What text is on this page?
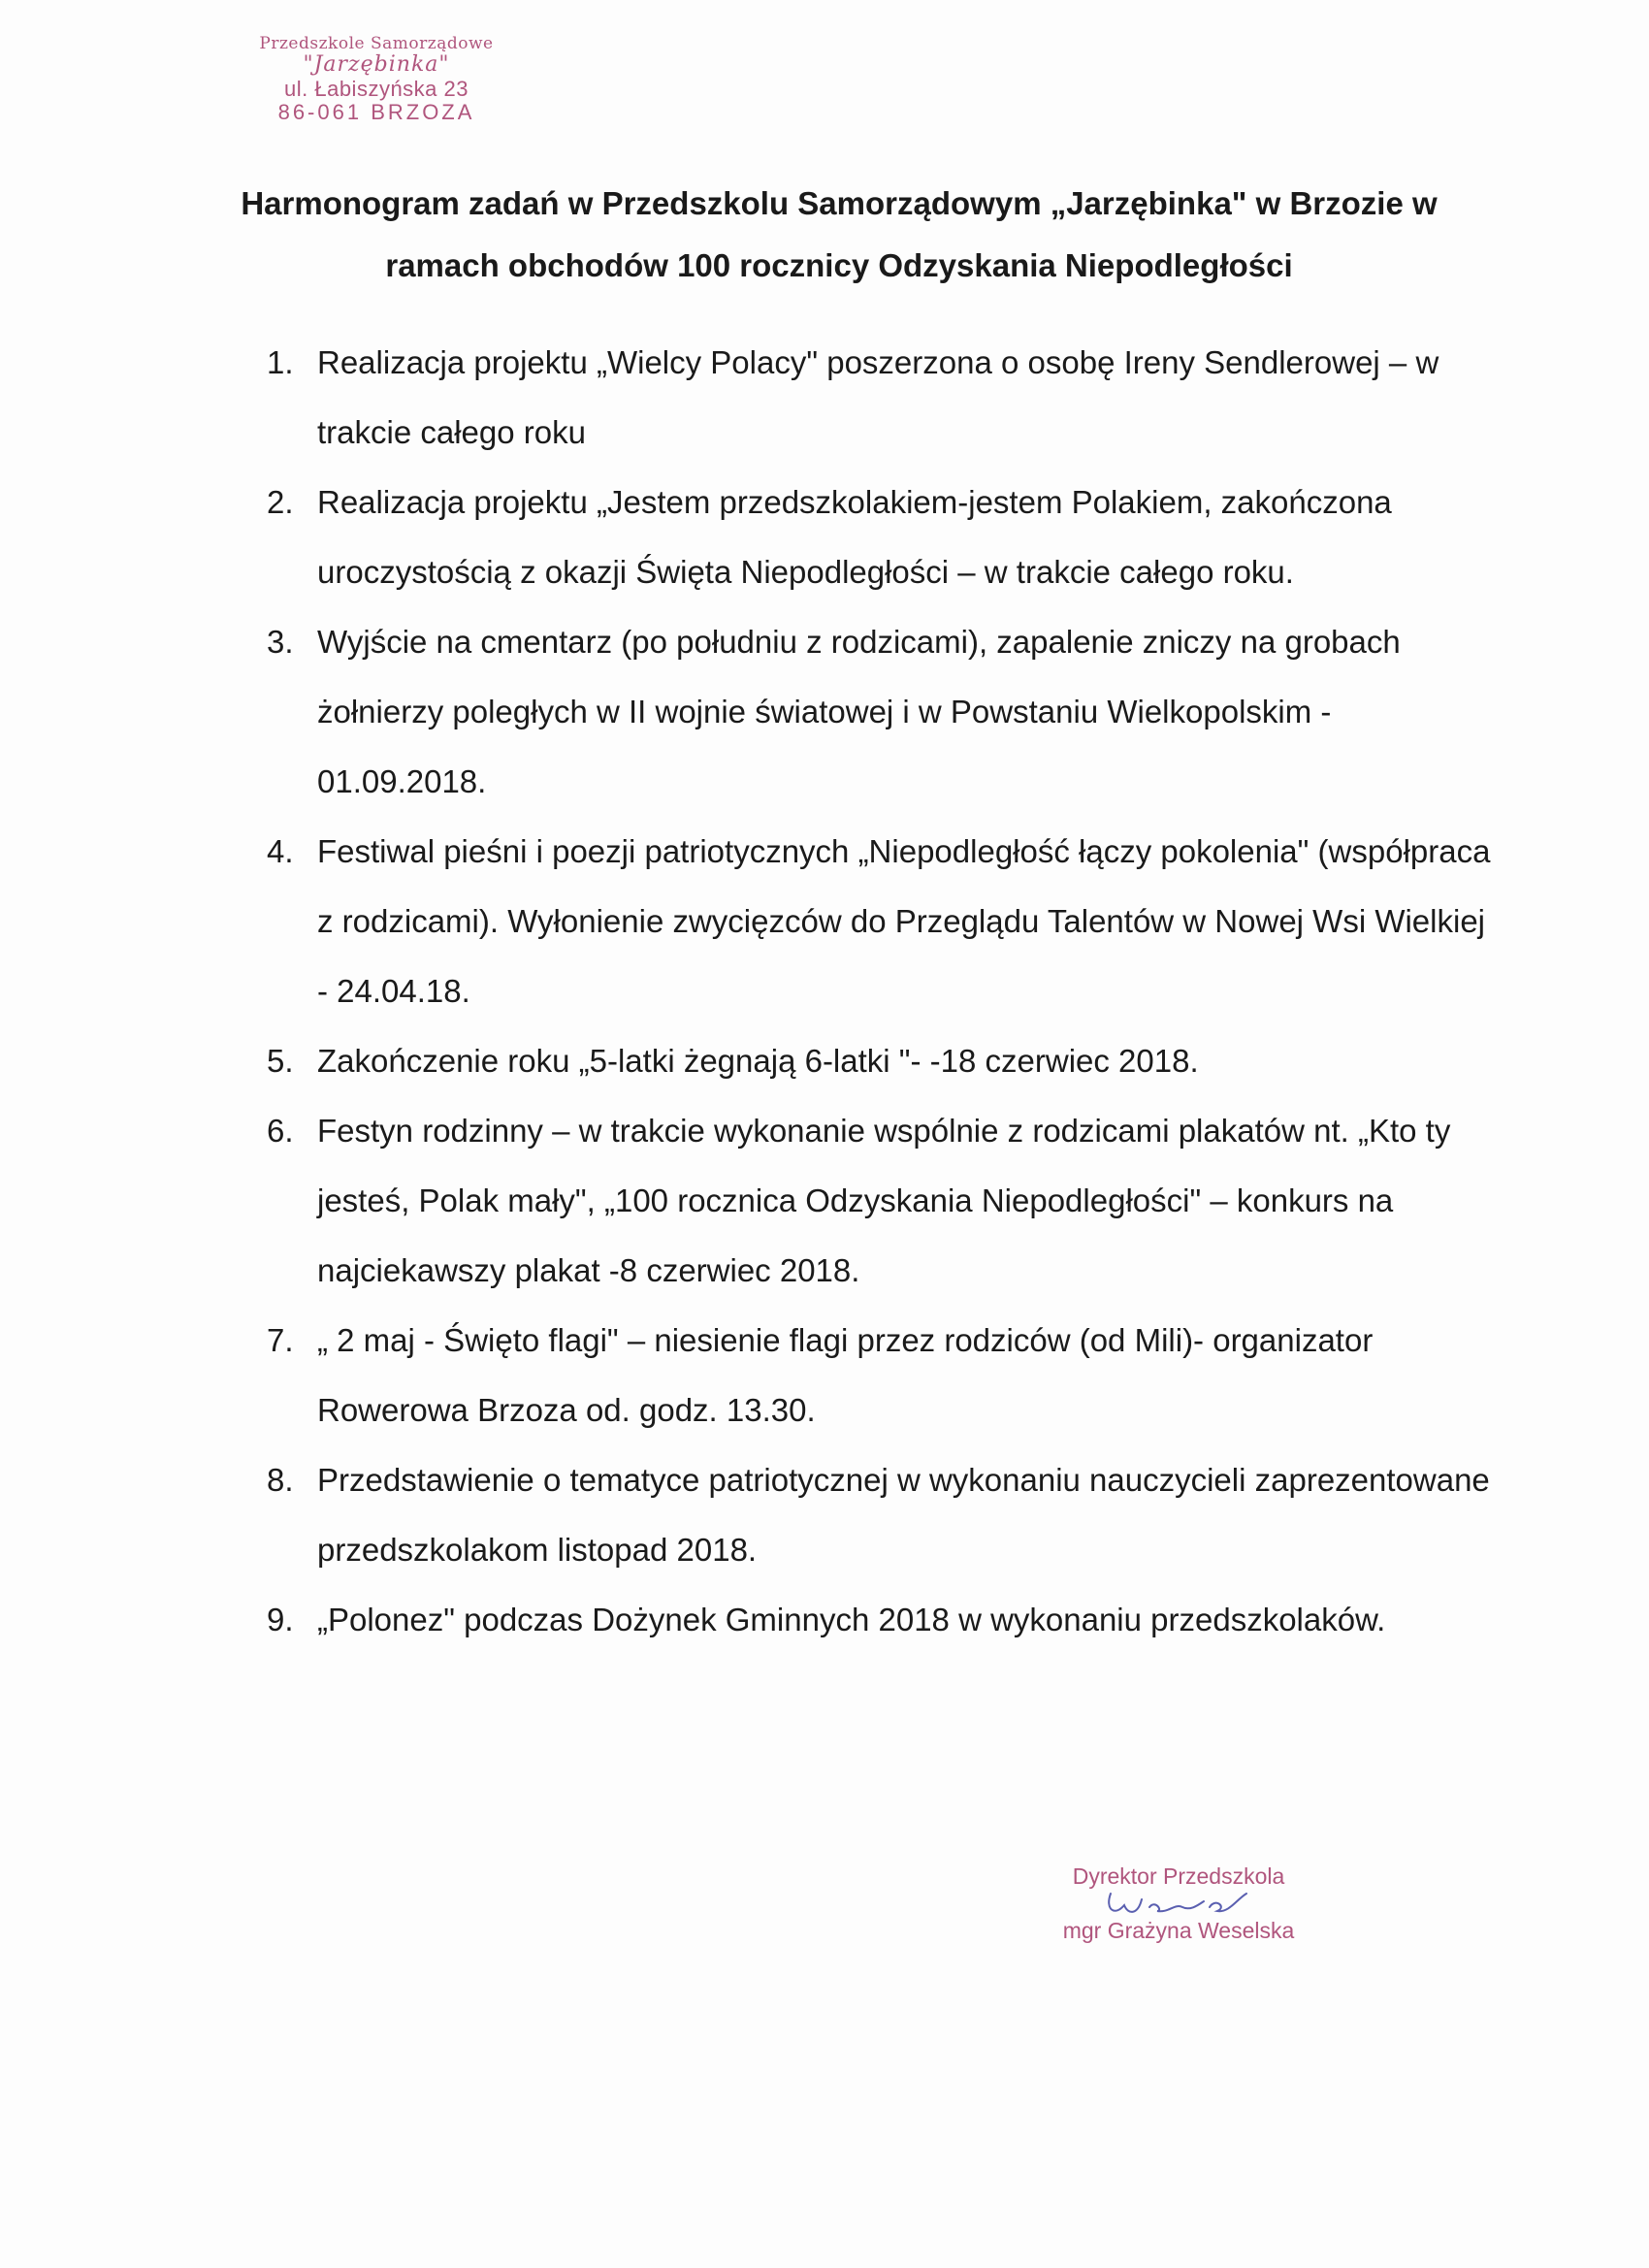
Przedszkole Samorządowe
"Jarzębinka"
ul. Łabiszyńska 23
86-061 BRZOZA
Harmonogram zadań w Przedszkolu Samorządowym „Jarzębinka" w Brzozie w
ramach obchodów 100 rocznicy Odzyskania Niepodległości
1. Realizacja projektu „Wielcy Polacy" poszerzona o osobę Ireny Sendlerowej – w trakcie całego roku
2. Realizacja projektu „Jestem przedszkolakiem-jestem Polakiem, zakończona uroczystością z okazji Święta Niepodległości – w trakcie całego roku.
3. Wyjście na cmentarz (po południu z rodzicami), zapalenie zniczy na grobach żołnierzy poległych w II wojnie światowej i w Powstaniu Wielkopolskim - 01.09.2018.
4. Festiwal pieśni i poezji patriotycznych „Niepodległość łączy pokolenia" (współpraca z rodzicami). Wyłonienie zwycięzców do Przeglądu Talentów w Nowej Wsi Wielkiej - 24.04.18.
5. Zakończenie roku „5-latki żegnają 6-latki "- -18 czerwiec 2018.
6. Festyn rodzinny – w trakcie wykonanie wspólnie z rodzicami plakatów nt. „Kto ty jesteś, Polak mały", „100 rocznica Odzyskania Niepodległości" – konkurs na najciekawszy plakat -8 czerwiec 2018.
7. „ 2 maj - Święto flagi" – niesienie flagi przez rodziców (od Mili)- organizator Rowerowa Brzoza od. godz. 13.30.
8. Przedstawienie o tematyce patriotycznej w wykonaniu nauczycieli zaprezentowane przedszkolakom listopad 2018.
9. „Polonez" podczas Dożynek Gminnych 2018 w wykonaniu przedszkolaków.
Dyrektor Przedszkola
mgr Grażyna Weselska
